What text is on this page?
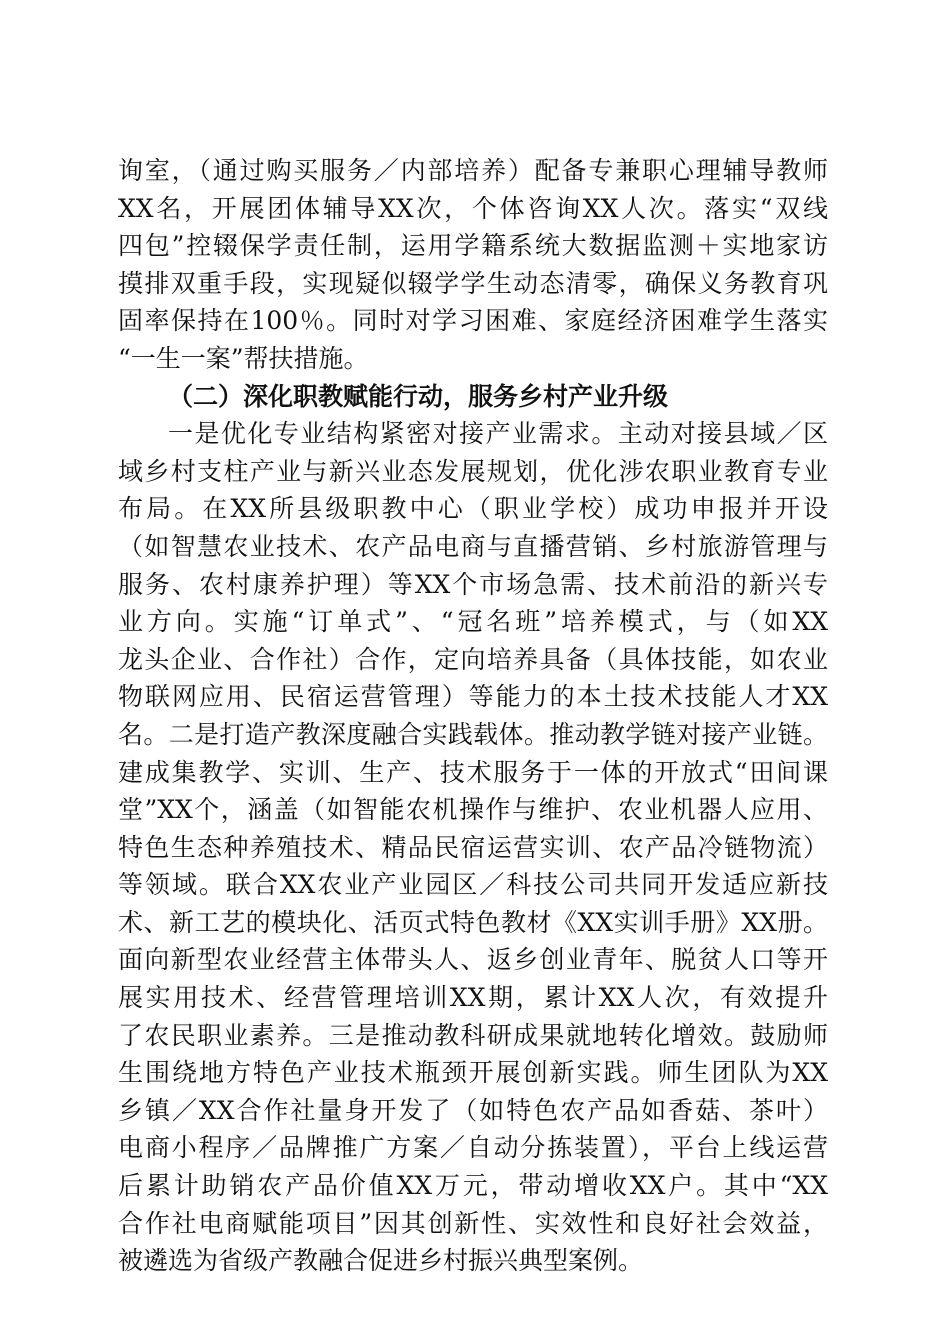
询室，（通过购买服务／内部培养）配备专兼职心理辅导教师
XX名，开展团体辅导XX次，个体咨询XX人次。落实“双线
四包”控辍保学责任制，运用学籍系统大数据监测＋实地家访
摸排双重手段，实现疑似辍学学生动态清零，确保义务教育巩
固率保持在100％。同时对学习困难、家庭经济困难学生落实
“一生一案”帮扶措施。
（二）深化职教赋能行动，服务乡村产业升级
一是优化专业结构紧密对接产业需求。主动对接县域／区
域乡村支柱产业与新兴业态发展规划，优化涉农职业教育专业
布局。在XX所县级职教中心（职业学校）成功申报并开设
（如智慧农业技术、农产品电商与直播营销、乡村旅游管理与
服务、农村康养护理）等XX个市场急需、技术前沿的新兴专
业方向。实施“订单式”、“冠名班”培养模式，与（如XX
龙头企业、合作社）合作，定向培养具备（具体技能，如农业
物联网应用、民宿运营管理）等能力的本土技术技能人才XX
名。二是打造产教深度融合实践载体。推动教学链对接产业链。
建成集教学、实训、生产、技术服务于一体的开放式“田间课
堂”XX个，涵盖（如智能农机操作与维护、农业机器人应用、
特色生态种养殖技术、精品民宿运营实训、农产品冷链物流）
等领域。联合XX农业产业园区／科技公司共同开发适应新技
术、新工艺的模块化、活页式特色教材《XX实训手册》XX册。
面向新型农业经营主体带头人、返乡创业青年、脱贫人口等开
展实用技术、经营管理培训XX期，累计XX人次，有效提升
了农民职业素养。三是推动教科研成果就地转化增效。鼓励师
生围绕地方特色产业技术瓶颈开展创新实践。师生团队为XX
乡镇／XX合作社量身开发了（如特色农产品如香菇、茶叶）
电商小程序／品牌推广方案／自动分拣装置），平台上线运营
后累计助销农产品价值XX万元，带动增收XX户。其中“XX
合作社电商赋能项目”因其创新性、实效性和良好社会效益，
被遴选为省级产教融合促进乡村振兴典型案例。
